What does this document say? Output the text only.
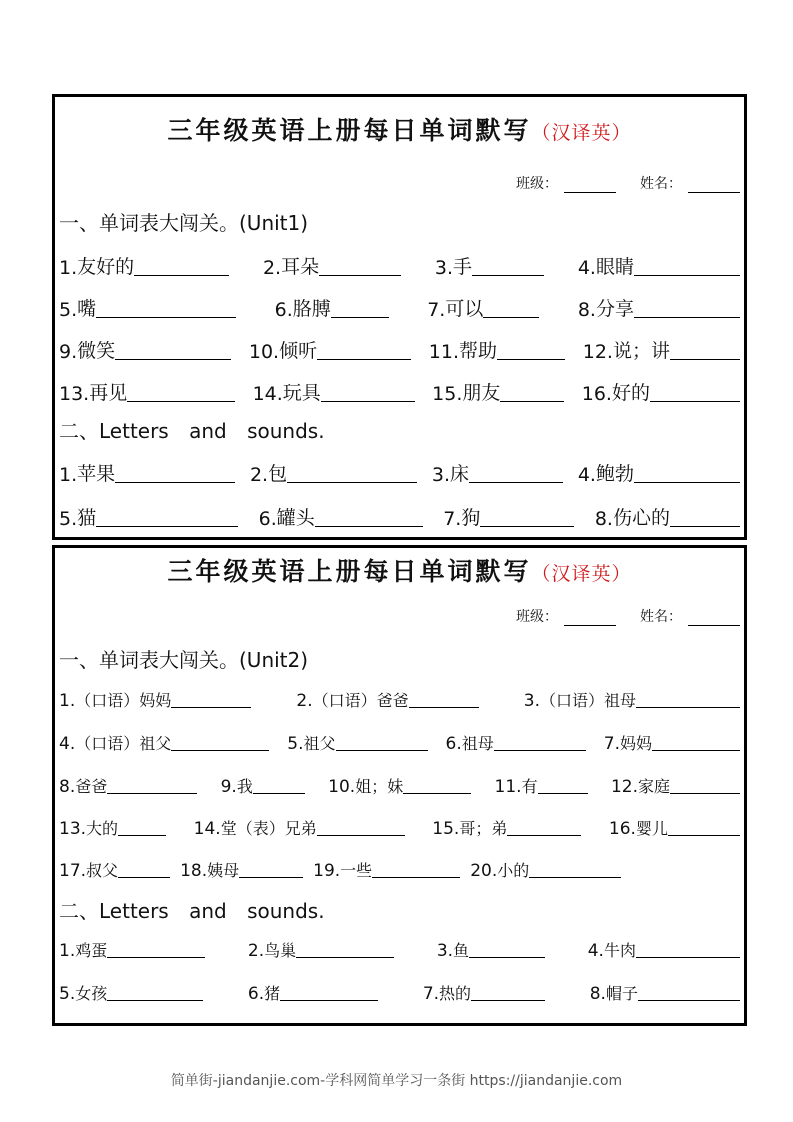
三年级英语上册每日单词默写（汉译英）
班级：	姓名：
一、单词表大闯关。(Unit1)
1. 友好的	2. 耳朵	3. 手	4. 眼睛
5. 嘴	6. 胳膊	7. 可以	8. 分享
9. 微笑	10. 倾听	11. 帮助	12. 说；讲
13. 再见	14. 玩具	15. 朋友	16. 好的
二、Letters and sounds.
1. 苹果	2. 包	3. 床	4. 鲍勃
5. 猫	6. 罐头	7. 狗	8. 伤心的
三年级英语上册每日单词默写（汉译英）
班级：	姓名：
一、单词表大闯关。(Unit2)
1. （口语）妈妈	2. （口语）爸爸	3. （口语）祖母
4. （口语）祖父	5. 祖父	6. 祖母	7. 妈妈
8. 爸爸	9. 我	10. 姐；妹	11. 有	12. 家庭
13. 大的	14. 堂（表）兄弟	15. 哥；弟	16. 婴儿
17. 叔父	18. 姨母	19. 一些	20. 小的
二、Letters and sounds.
1. 鸡蛋	2. 鸟巢	3. 鱼	4. 牛肉
5. 女孩	6. 猪	7. 热的	8. 帽子
简单街-jiandanjie.com-学科网简单学习一条街 https://jiandanjie.com
